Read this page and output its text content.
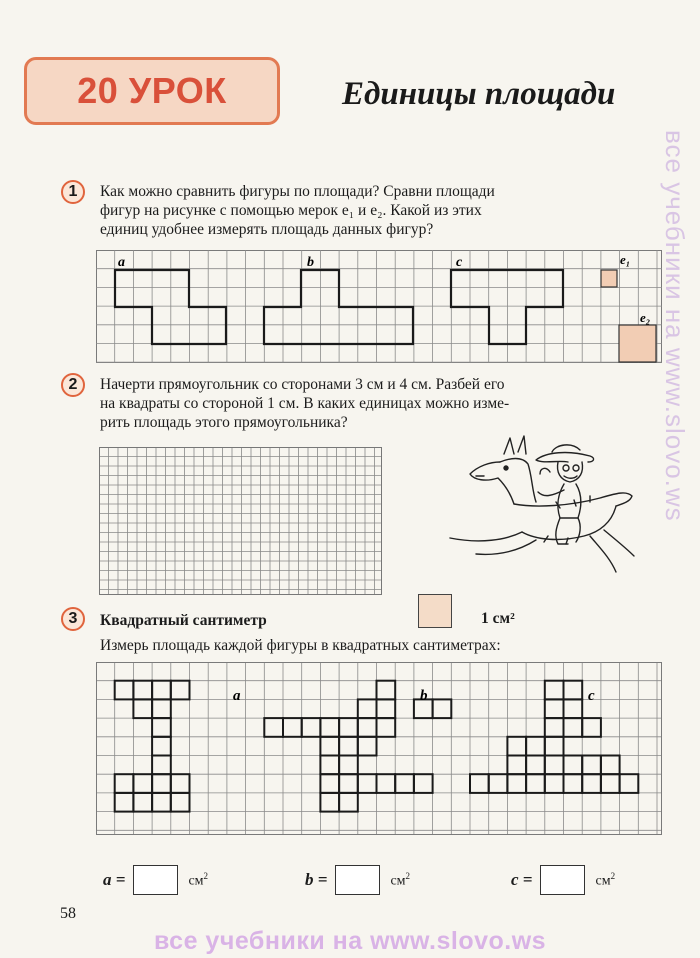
20 УРОК	Единицы площади
1	Как можно сравнить фигуры по площади? Сравни площади
фигур на рисунке с помощью мерок e₁ и e₂. Какой из этих
единиц удобнее измерять площадь данных фигур?
a	b	c	e₁
e₂
2	Начерти прямоугольник со сторонами 3 см и 4 см. Разбей его
на квадраты со стороной 1 см. В каких единицах можно изме-
рить площадь этого прямоугольника?
3	Квадратный сантиметр	1 см²
Измерь площадь каждой фигуры в квадратных сантиметрах:
a	b	c
a =	$см^2$	b =	$см^2$	c =	$см^2$
58
все учебники на www.slovo.ws
все учебники на www.slovo.ws
